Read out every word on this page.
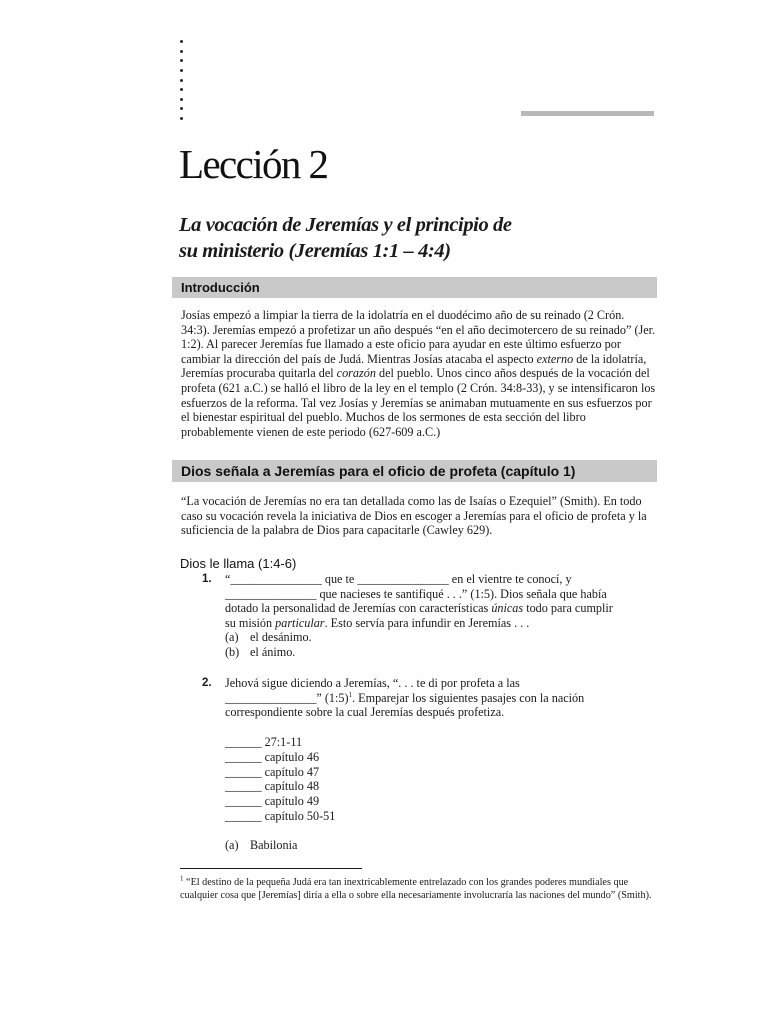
Lección 2
La vocación de Jeremías y el principio de
su ministerio (Jeremías 1:1 – 4:4)
Introducción

Josías empezó a limpiar la tierra de la idolatría en el duodécimo año de su reinado (2 Crón. 34:3). Jeremías empezó a profetizar un año después “en el año decimotercero de su reinado” (Jer. 1:2). Al parecer Jeremías fue llamado a este oficio para ayudar en este último esfuerzo por cambiar la dirección del país de Judá. Mientras Josías atacaba el aspecto externo de la idolatría, Jeremías procuraba quitarla del corazón del pueblo. Unos cinco años después de la vocación del profeta (621 a.C.) se halló el libro de la ley en el templo (2 Crón. 34:8-33), y se intensificaron los esfuerzos de la reforma. Tal vez Josías y Jeremías se animaban mutuamente en sus esfuerzos por el bienestar espiritual del pueblo. Muchos de los sermones de esta sección del libro probablemente vienen de este periodo (627-609 a.C.)

Dios señala a Jeremías para el oficio de profeta (capítulo 1)

“La vocación de Jeremías no era tan detallada como las de Isaías o Ezequiel” (Smith). En todo caso su vocación revela la iniciativa de Dios en escoger a Jeremías para el oficio de profeta y la suficiencia de la palabra de Dios para capacitarle (Cawley 629).

Dios le llama (1:4-6)
1. “_______________ que te _______________ en el vientre te conocí, y _______________ que nacieses te santifiqué . . .” (1:5). Dios señala que había dotado la personalidad de Jeremías con características únicas todo para cumplir su misión particular. Esto servía para infundir en Jeremías . . .
(a) el desánimo.
(b) el ánimo.
2. Jehová sigue diciendo a Jeremías, “. . . te di por profeta a las _______________” (1:5)$^1$. Emparejar los siguientes pasajes con la nación correspondiente sobre la cual Jeremías después profetiza.
______ 27:1-11
______ capítulo 46
______ capítulo 47
______ capítulo 48
______ capítulo 49
______ capítulo 50-51
(a) Babilonia

$^1$ “El destino de la pequeña Judá era tan inextricablemente entrelazado con los grandes poderes mundiales que cualquier cosa que [Jeremías] diría a ella o sobre ella necesariamente involucraría las naciones del mundo” (Smith).
